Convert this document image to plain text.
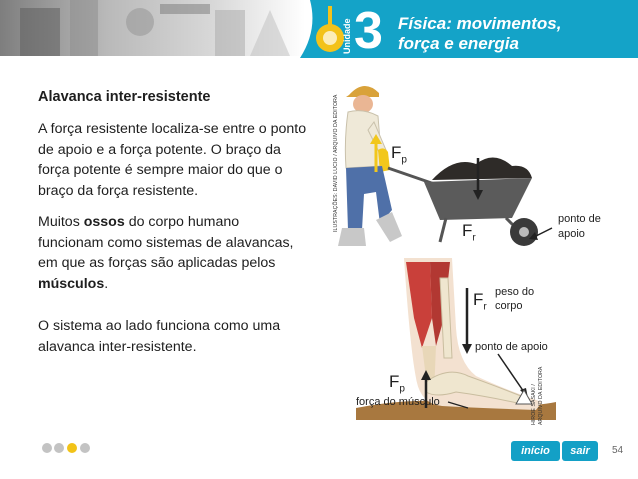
Unidade 3 Física: movimentos,
força e energia
Alavanca inter-resistente
A força resistente localiza-se entre o ponto de apoio e a força potente. O braço da força potente é sempre maior do que o braço da força resistente.
Muitos ossos do corpo humano funcionam como sistemas de alavancas, em que as forças são aplicadas pelos músculos.
O sistema ao lado funciona como uma alavanca inter-resistente.
ILUSTRAÇÕES: DAVID LUCIO / ARQUIVO DA EDITORA	$F_p$
$F_r$
ponto de apoio
HIROE SASAKI / ARQUIVO DA EDITORA
peso do corpo
$F_r$
ponto de apoio
$F_p$
força do músculo
início	sair	54
